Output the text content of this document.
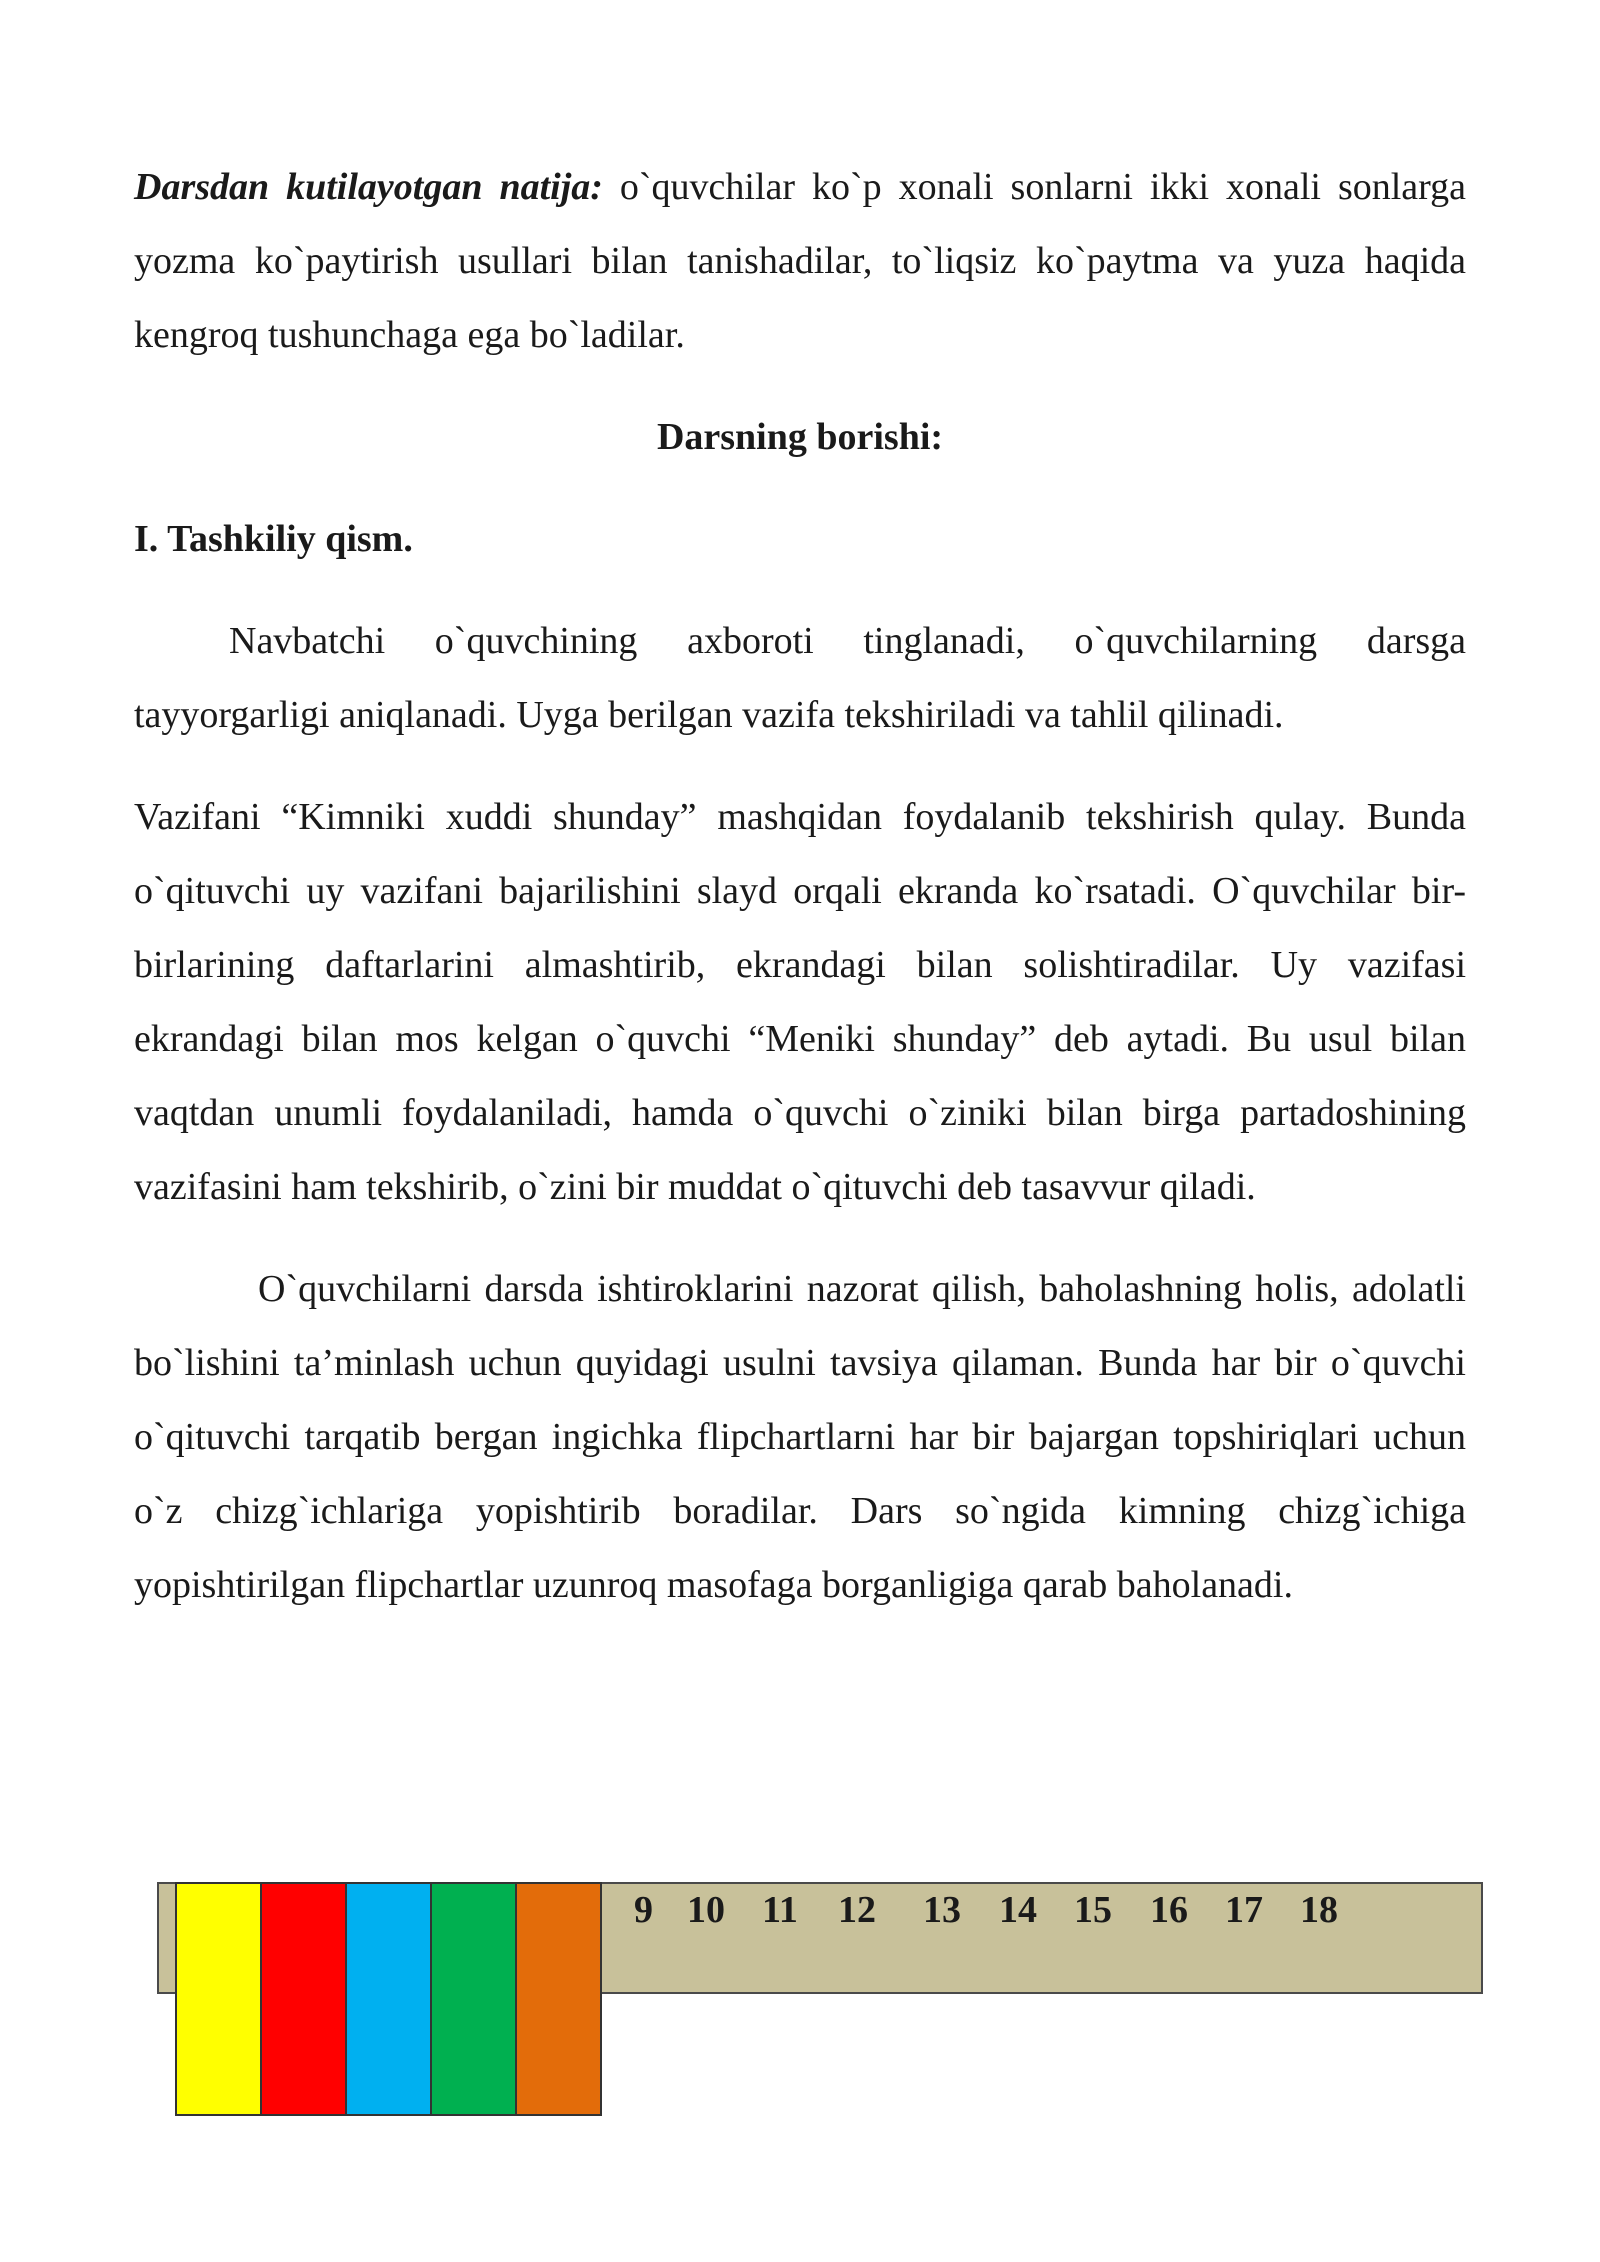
Darsdan kutilayotgan natija: o`quvchilar ko`p xonali sonlarni ikki xonali sonlarga yozma ko`paytirish usullari bilan tanishadilar, to`liqsiz ko`paytma va yuza haqida kengroq tushunchaga ega bo`ladilar.

Darsning borishi:

I. Tashkiliy qism.

Navbatchi o`quvchining axboroti tinglanadi, o`quvchilarning darsga tayyorgarligi aniqlanadi. Uyga berilgan vazifa tekshiriladi va tahlil qilinadi.

Vazifani “Kimniki xuddi shunday” mashqidan foydalanib tekshirish qulay. Bunda o`qituvchi uy vazifani bajarilishini slayd orqali ekranda ko`rsatadi. O`quvchilar bir-birlarining daftarlarini almashtirib, ekrandagi bilan solishtiradilar. Uy vazifasi ekrandagi bilan mos kelgan o`quvchi “Meniki shunday” deb aytadi. Bu usul bilan vaqtdan unumli foydalaniladi, hamda o`quvchi o`ziniki bilan birga partadoshining vazifasini ham tekshirib, o`zini bir muddat o`qituvchi deb tasavvur qiladi.

O`quvchilarni darsda ishtiroklarini nazorat qilish, baholashning holis, adolatli bo`lishini ta’minlash uchun quyidagi usulni tavsiya qilaman. Bunda har bir o`quvchi o`qituvchi tarqatib bergan ingichka flipchartlarni har bir bajargan topshiriqlari uchun o`z chizg`ichlariga yopishtirib boradilar. Dars so`ngida kimning chizg`ichiga yopishtirilgan flipchartlar uzunroq masofaga borganligiga qarab baholanadi.

9 10 11 12 13 14 15 16 17 18
